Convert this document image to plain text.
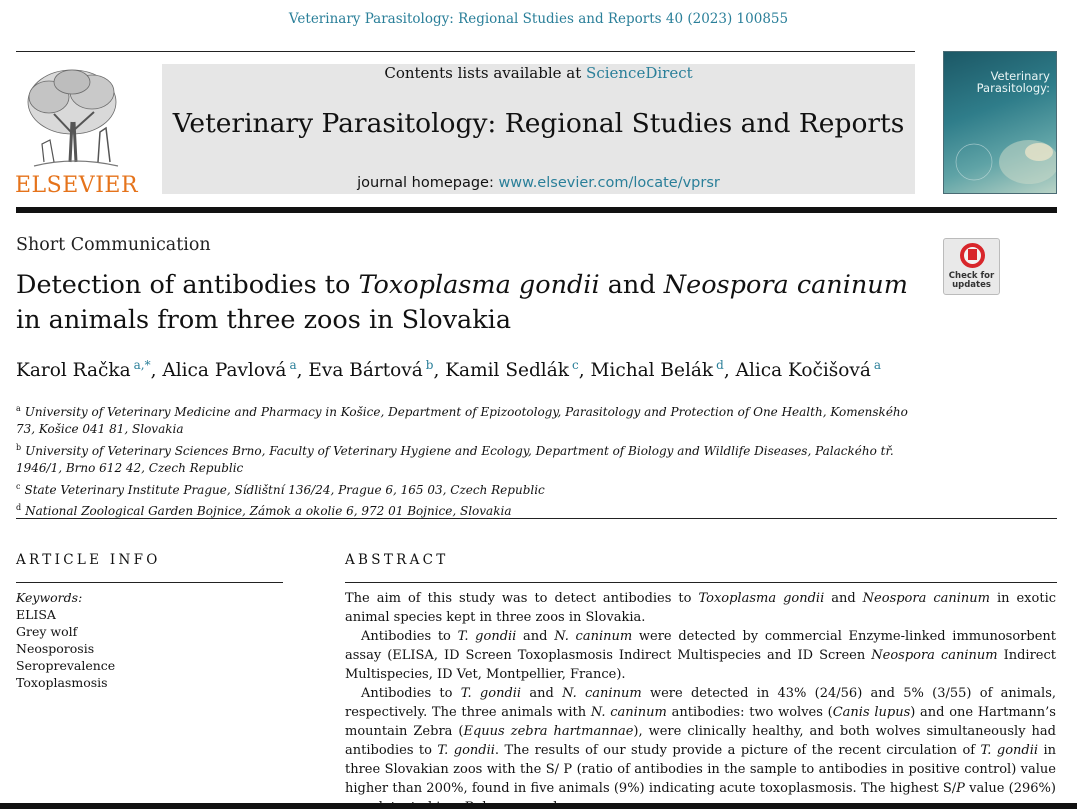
Veterinary Parasitology: Regional Studies and Reports 40 (2023) 100855
ELSEVIER
Contents lists available at ScienceDirect
Veterinary Parasitology: Regional Studies and Reports
journal homepage: www.elsevier.com/locate/vprsr
Veterinary Parasitology:
Short Communication
Detection of antibodies to Toxoplasma gondii and Neospora caninum in animals from three zoos in Slovakia
Check for updates
Karol Račka $^{a,*}$, Alica Pavlová $^a$, Eva Bártová $^b$, Kamil Sedlák $^c$, Michal Belák $^d$, Alica Kočišová $^a$
$^a$ University of Veterinary Medicine and Pharmacy in Košice, Department of Epizootology, Parasitology and Protection of One Health, Komenského 73, Košice 041 81, Slovakia
$^b$ University of Veterinary Sciences Brno, Faculty of Veterinary Hygiene and Ecology, Department of Biology and Wildlife Diseases, Palackého tř. 1946/1, Brno 612 42, Czech Republic
$^c$ State Veterinary Institute Prague, Sídlištní 136/24, Prague 6, 165 03, Czech Republic
$^d$ National Zoological Garden Bojnice, Zámok a okolie 6, 972 01 Bojnice, Slovakia
ARTICLE INFO	ABSTRACT
Keywords:
ELISA
Grey wolf
Neosporosis
Seroprevalence
Toxoplasmosis

The aim of this study was to detect antibodies to Toxoplasma gondii and Neospora caninum in exotic animal species kept in three zoos in Slovakia.

Antibodies to T. gondii and N. caninum were detected by commercial Enzyme-linked immunosorbent assay (ELISA, ID Screen Toxoplasmosis Indirect Multispecies and ID Screen Neospora caninum Indirect Multispecies, ID Vet, Montpellier, France).

Antibodies to T. gondii and N. caninum were detected in 43% (24/56) and 5% (3/55) of animals, respectively. The three animals with N. caninum antibodies: two wolves (Canis lupus) and one Hartmann’s mountain Zebra (Equus zebra hartmannae), were clinically healthy, and both wolves simultaneously had antibodies to T. gondii. The results of our study provide a picture of the recent circulation of T. gondii in three Slovakian zoos with the S/ P (ratio of antibodies in the sample to antibodies in positive control) value higher than 200%, found in five animals (9%) indicating acute toxoplasmosis. The highest S/P value (296%)
